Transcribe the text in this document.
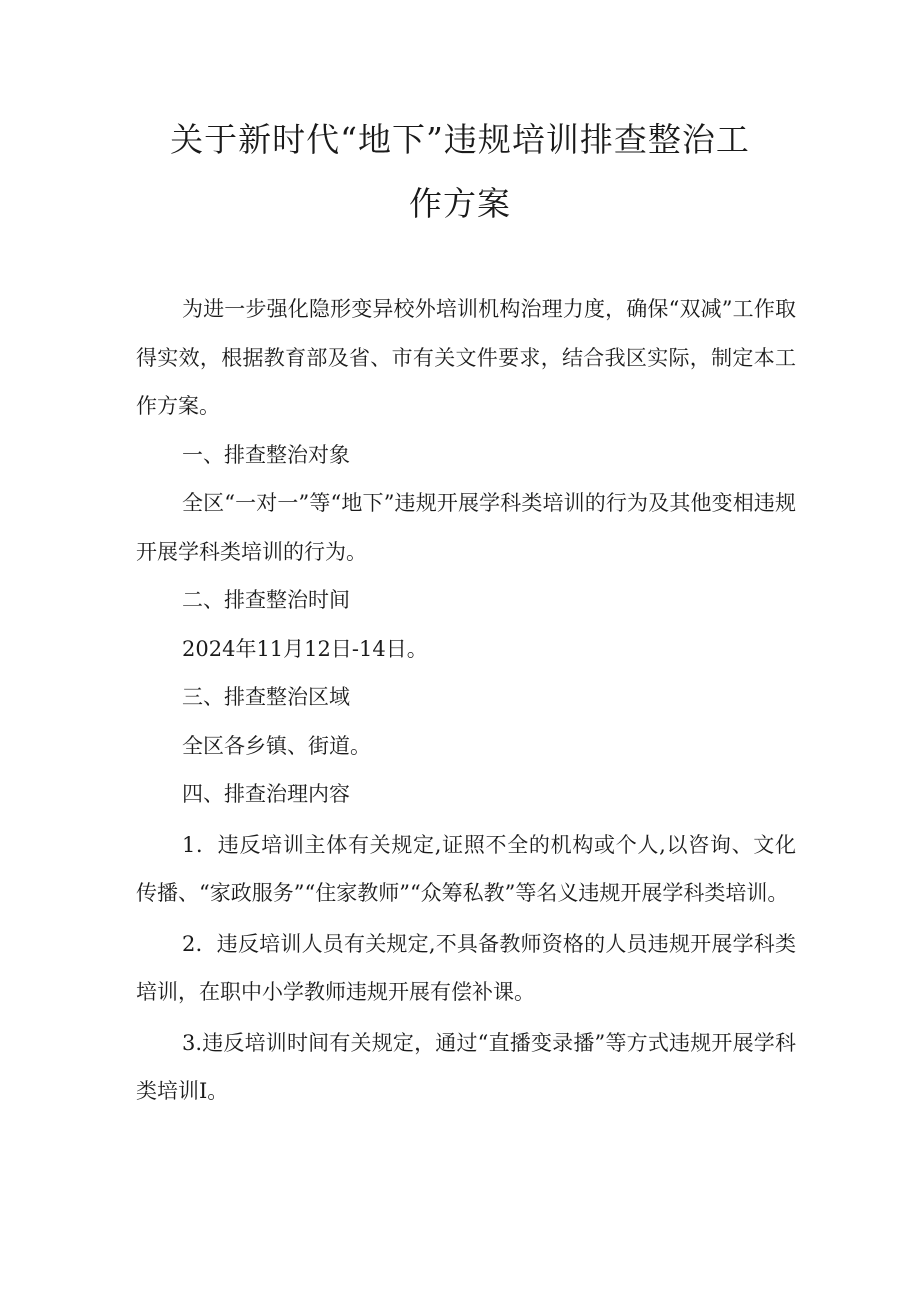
关于新时代“地下”违规培训排查整治工
作方案

为进一步强化隐形变异校外培训机构治理力度，确保“双减”工作取得实效，根据教育部及省、市有关文件要求，结合我区实际，制定本工作方案。

一、排查整治对象

全区“一对一”等“地下”违规开展学科类培训的行为及其他变相违规开展学科类培训的行为。

二、排查整治时间

2024年11月12日-14日。

三、排查整治区域

全区各乡镇、街道。

四、排查治理内容

1．违反培训主体有关规定,证照不全的机构或个人,以咨询、文化传播、“家政服务”“住家教师”“众筹私教”等名义违规开展学科类培训。

2．违反培训人员有关规定,不具备教师资格的人员违规开展学科类培训，在职中小学教师违规开展有偿补课。

3.违反培训时间有关规定，通过“直播变录播”等方式违规开展学科类培训I。
